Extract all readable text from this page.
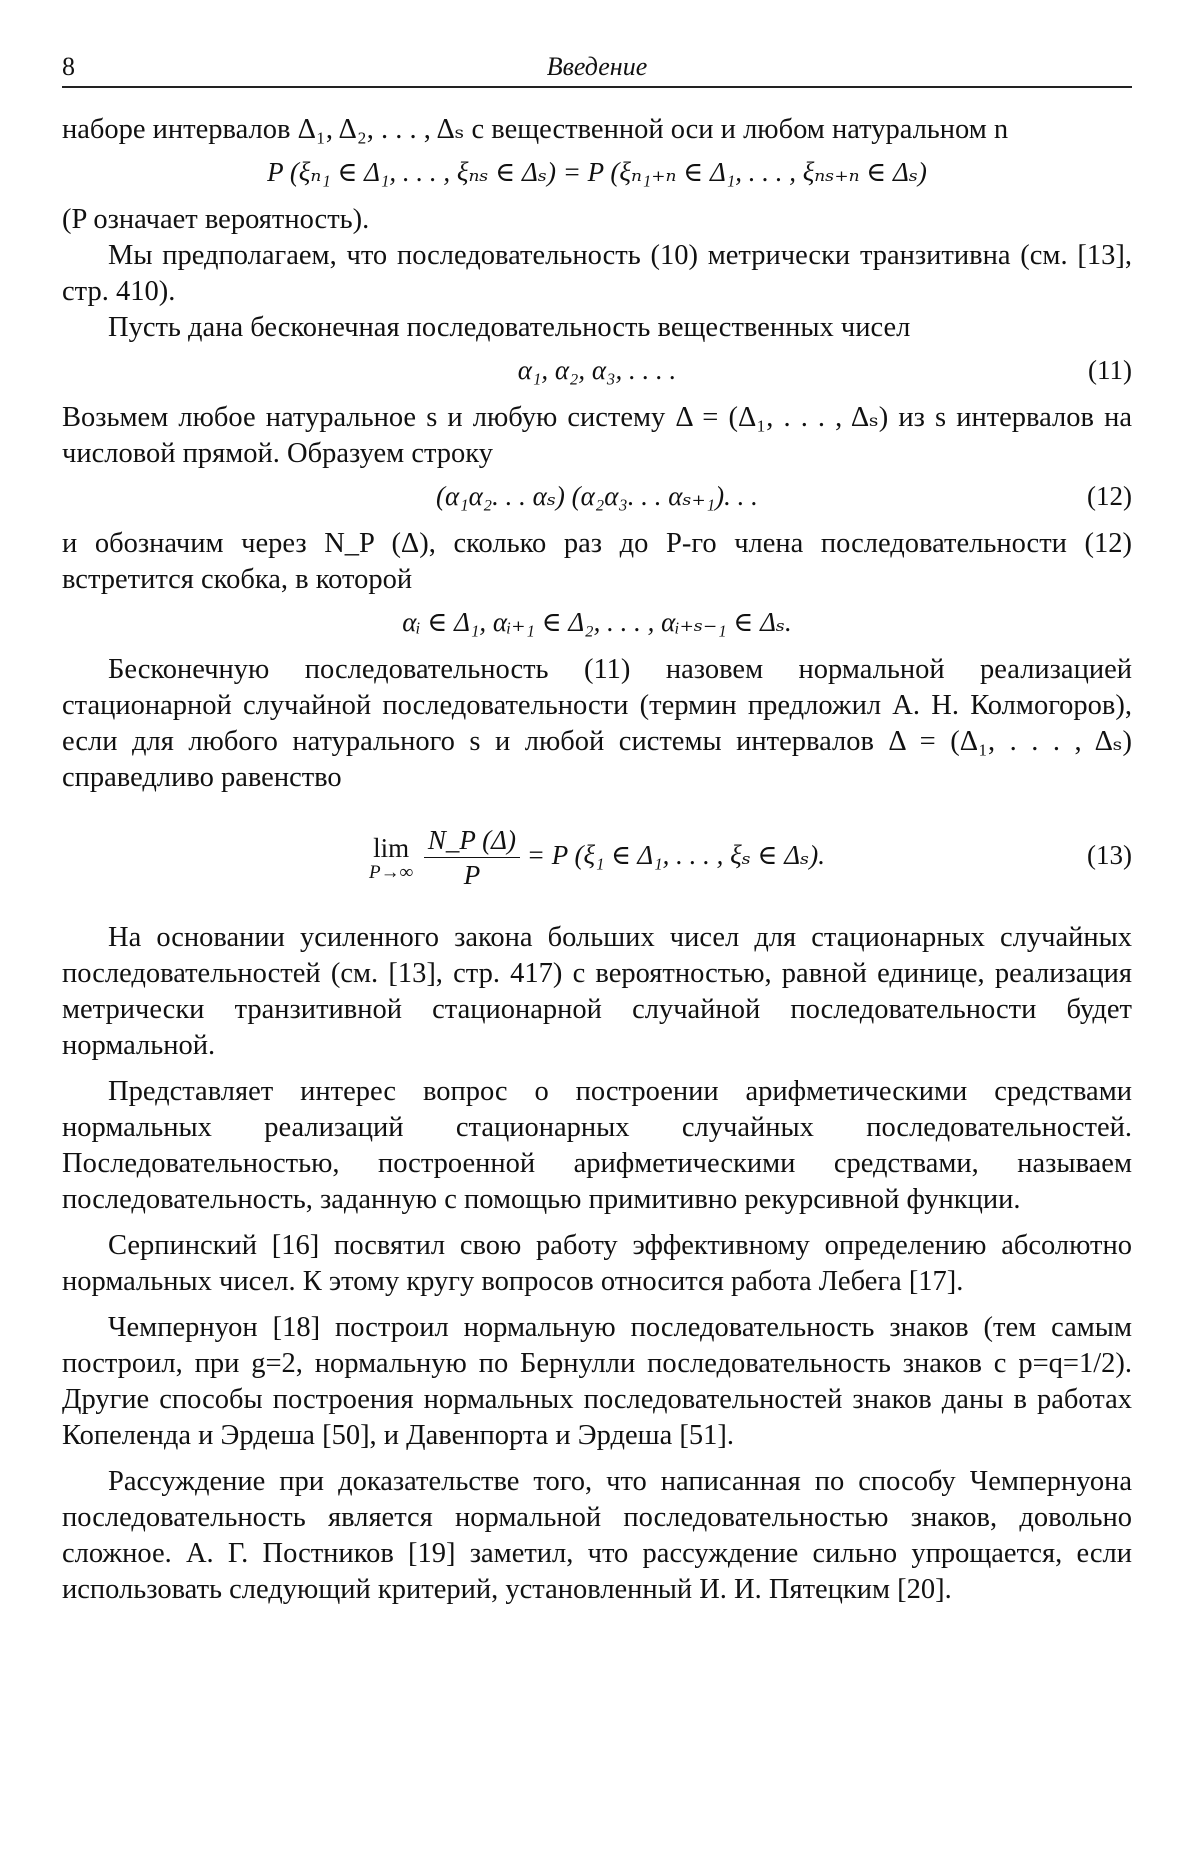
8	Введение

наборе интервалов Δ₁, Δ₂, . . . , Δₛ с вещественной оси и любом натуральном n

P (ξₙ₁ ∈ Δ₁, . . . , ξₙₛ ∈ Δₛ) = P (ξₙ₁₊ₙ ∈ Δ₁, . . . , ξₙₛ₊ₙ ∈ Δₛ)

(P означает вероятность).

Мы предполагаем, что последовательность (10) метрически транзитивна (см. [13], стр. 410).

Пусть дана бесконечная последовательность вещественных чисел

α₁, α₂, α₃, . . . .	(11)

Возьмем любое натуральное s и любую систему Δ = (Δ₁, . . . , Δₛ) из s интервалов на числовой прямой. Образуем строку

(α₁α₂. . . αₛ) (α₂α₃. . . αₛ₊₁). . .	(12)

и обозначим через N_P (Δ), сколько раз до P-го члена последовательности (12) встретится скобка, в которой

αᵢ ∈ Δ₁, αᵢ₊₁ ∈ Δ₂, . . . , αᵢ₊ₛ₋₁ ∈ Δₛ.

Бесконечную последовательность (11) назовем нормальной реализацией стационарной случайной последовательности (термин предложил А. Н. Колмогоров), если для любого натурального s и любой системы интервалов Δ = (Δ₁, . . . , Δₛ) справедливо равенство

lim
P→∞
$\frac{N\_P (\Delta)}{P} = P$ (ξ₁ ∈ Δ₁, . . . , ξₛ ∈ Δₛ).	(13)

На основании усиленного закона больших чисел для стационарных случайных последовательностей (см. [13], стр. 417) с вероятностью, равной единице, реализация метрически транзитивной стационарной случайной последовательности будет нормальной.

Представляет интерес вопрос о построении арифметическими средствами нормальных реализаций стационарных случайных последовательностей. Последовательностью, построенной арифметическими средствами, называем последовательность, заданную с помощью примитивно рекурсивной функции.

Серпинский [16] посвятил свою работу эффективному определению абсолютно нормальных чисел. К этому кругу вопросов относится работа Лебега [17].

Чемпернуон [18] построил нормальную последовательность знаков (тем самым построил, при g=2, нормальную по Бернулли последовательность знаков с p=q=1/2). Другие способы построения нормальных последовательностей знаков даны в работах Копеленда и Эрдеша [50], и Давенпорта и Эрдеша [51].

Рассуждение при доказательстве того, что написанная по способу Чемпернуона последовательность является нормальной последовательностью знаков, довольно сложное. А. Г. Постников [19] заметил, что рассуждение сильно упрощается, если использовать следующий критерий, установленный И. И. Пятецким [20].
